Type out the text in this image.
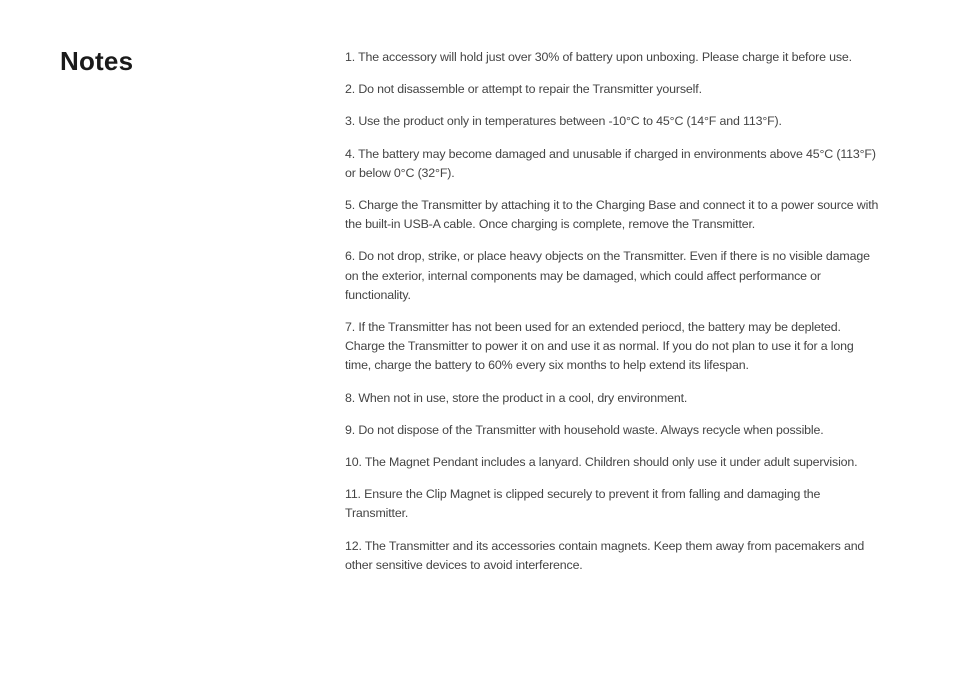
Notes	1. The accessory will hold just over 30% of battery upon unboxing. Please charge it before use.
2. Do not disassemble or attempt to repair the Transmitter yourself.
3. Use the product only in temperatures between -10°C to 45°C (14°F and 113°F).
4. The battery may become damaged and unusable if charged in environments above 45°C (113°F) or below 0°C (32°F).
5. Charge the Transmitter by attaching it to the Charging Base and connect it to a power source with the built-in USB-A cable. Once charging is complete, remove the Transmitter.
6. Do not drop, strike, or place heavy objects on the Transmitter. Even if there is no visible damage on the exterior, internal components may be damaged, which could affect performance or functionality.
7. If the Transmitter has not been used for an extended periocd, the battery may be depleted. Charge the Transmitter to power it on and use it as normal. If you do not plan to use it for a long time, charge the battery to 60% every six months to help extend its lifespan.
8. When not in use, store the product in a cool, dry environment.
9. Do not dispose of the Transmitter with household waste. Always recycle when possible.
10. The Magnet Pendant includes a lanyard. Children should only use it under adult supervision.
11. Ensure the Clip Magnet is clipped securely to prevent it from falling and damaging the Transmitter.
12. The Transmitter and its accessories contain magnets. Keep them away from pacemakers and other sensitive devices to avoid interference.
